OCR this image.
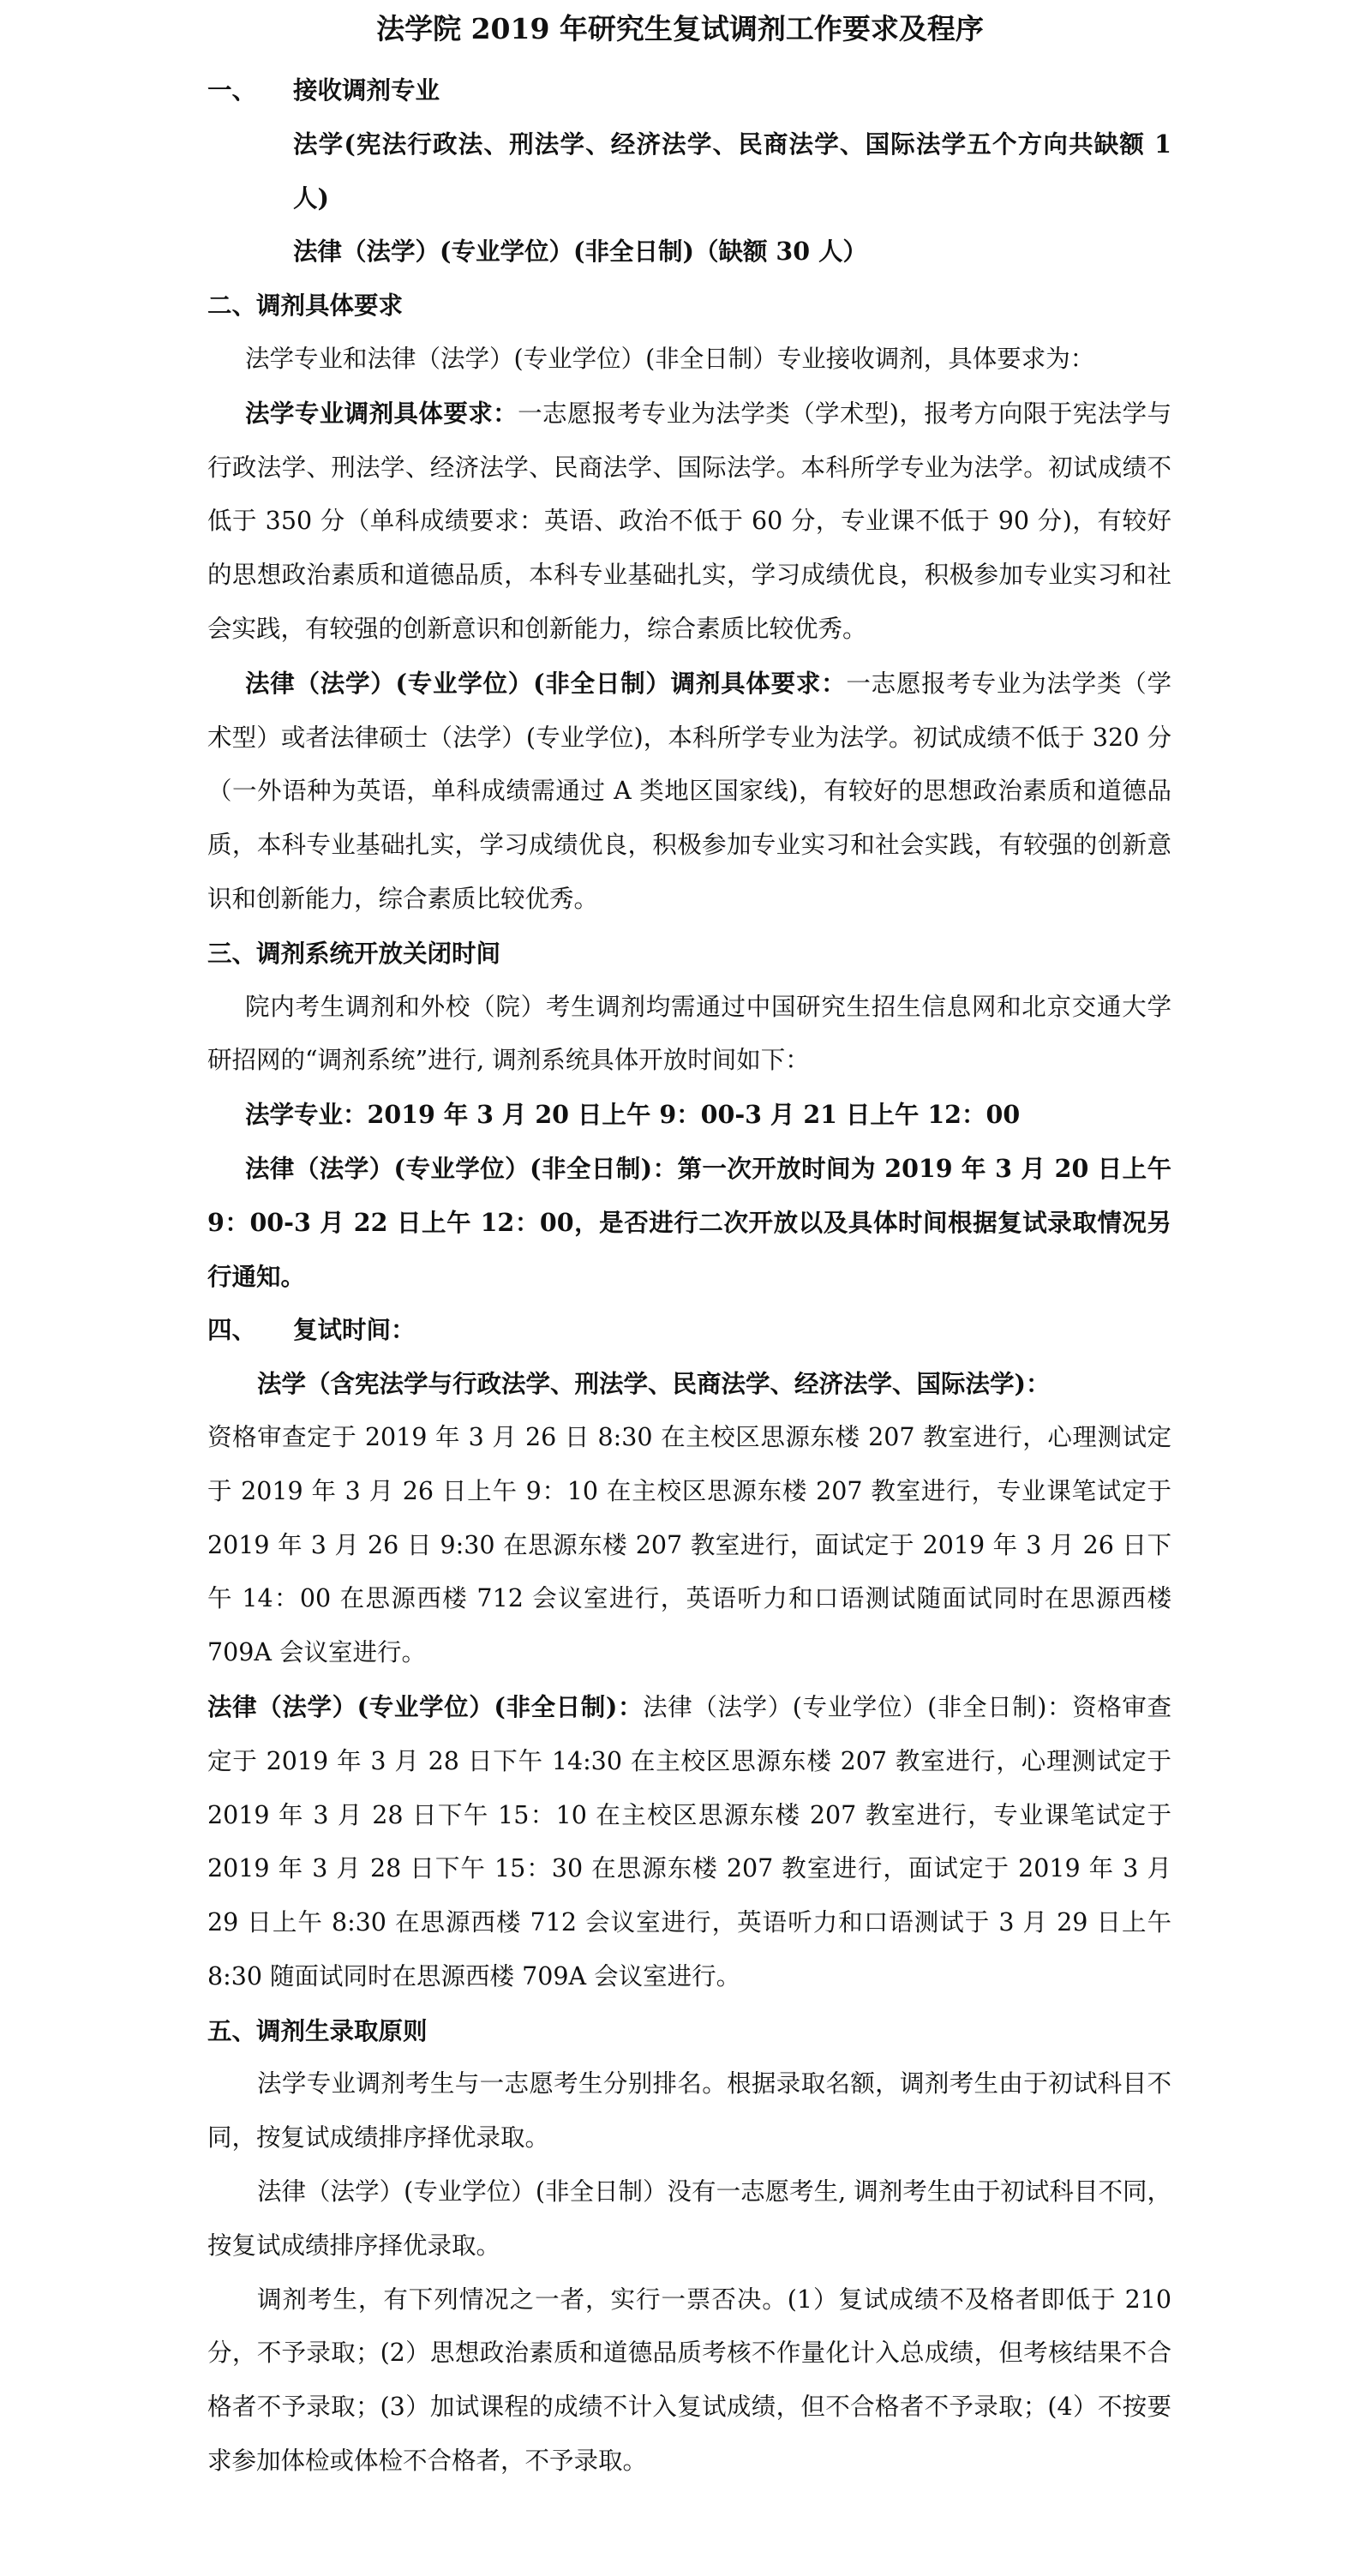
法学院 2019 年研究生复试调剂工作要求及程序

一、 接收调剂专业

法学(宪法行政法、刑法学、经济法学、民商法学、国际法学五个方向共缺额 1 人)

法律（法学）(专业学位）(非全日制)（缺额 30 人）

二、调剂具体要求

法学专业和法律（法学）(专业学位）(非全日制）专业接收调剂，具体要求为：

法学专业调剂具体要求：一志愿报考专业为法学类（学术型)，报考方向限于宪法学与行政法学、刑法学、经济法学、民商法学、国际法学。本科所学专业为法学。初试成绩不低于 350 分（单科成绩要求：英语、政治不低于 60 分，专业课不低于 90 分)，有较好的思想政治素质和道德品质，本科专业基础扎实，学习成绩优良，积极参加专业实习和社会实践，有较强的创新意识和创新能力，综合素质比较优秀。

法律（法学）(专业学位）(非全日制）调剂具体要求：一志愿报考专业为法学类（学术型）或者法律硕士（法学）(专业学位)，本科所学专业为法学。初试成绩不低于 320 分（一外语种为英语，单科成绩需通过 A 类地区国家线)，有较好的思想政治素质和道德品质，本科专业基础扎实，学习成绩优良，积极参加专业实习和社会实践，有较强的创新意识和创新能力，综合素质比较优秀。

三、调剂系统开放关闭时间

院内考生调剂和外校（院）考生调剂均需通过中国研究生招生信息网和北京交通大学研招网的“调剂系统”进行, 调剂系统具体开放时间如下：

法学专业：2019 年 3 月 20 日上午 9：00-3 月 21 日上午 12：00

法律（法学）(专业学位）(非全日制)：第一次开放时间为 2019 年 3 月 20 日上午 9：00-3 月 22 日上午 12：00，是否进行二次开放以及具体时间根据复试录取情况另行通知。

四、 复试时间：

法学（含宪法学与行政法学、刑法学、民商法学、经济法学、国际法学)：

资格审查定于 2019 年 3 月 26 日 8:30 在主校区思源东楼 207 教室进行，心理测试定于 2019 年 3 月 26 日上午 9：10 在主校区思源东楼 207 教室进行，专业课笔试定于 2019 年 3 月 26 日 9:30 在思源东楼 207 教室进行，面试定于 2019 年 3 月 26 日下午 14：00 在思源西楼 712 会议室进行，英语听力和口语测试随面试同时在思源西楼 709A 会议室进行。

法律（法学）(专业学位）(非全日制)：法律（法学）(专业学位）(非全日制)：资格审查定于 2019 年 3 月 28 日下午 14:30 在主校区思源东楼 207 教室进行，心理测试定于 2019 年 3 月 28 日下午 15：10 在主校区思源东楼 207 教室进行，专业课笔试定于 2019 年 3 月 28 日下午 15：30 在思源东楼 207 教室进行，面试定于 2019 年 3 月 29 日上午 8:30 在思源西楼 712 会议室进行，英语听力和口语测试于 3 月 29 日上午 8:30 随面试同时在思源西楼 709A 会议室进行。

五、调剂生录取原则

法学专业调剂考生与一志愿考生分别排名。根据录取名额，调剂考生由于初试科目不同，按复试成绩排序择优录取。

法律（法学）(专业学位）(非全日制）没有一志愿考生, 调剂考生由于初试科目不同，按复试成绩排序择优录取。

调剂考生，有下列情况之一者，实行一票否决。(1）复试成绩不及格者即低于 210 分，不予录取；(2）思想政治素质和道德品质考核不作量化计入总成绩，但考核结果不合格者不予录取；(3）加试课程的成绩不计入复试成绩，但不合格者不予录取；(4）不按要求参加体检或体检不合格者，不予录取。
